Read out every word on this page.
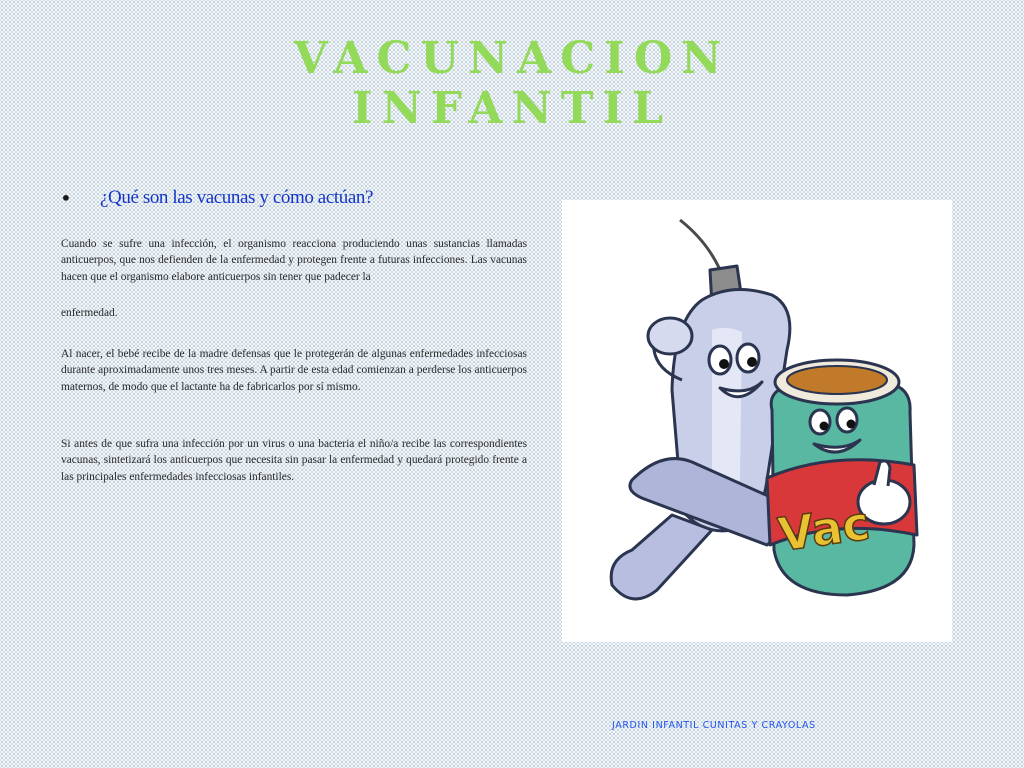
VACUNACION INFANTIL
• ¿Qué son las vacunas y cómo actúan?

Cuando se sufre una infección, el organismo reacciona produciendo unas sustancias llamadas anticuerpos, que nos defienden de la enfermedad y protegen frente a futuras infecciones. Las vacunas hacen que el organismo elabore anticuerpos sin tener que padecer la

enfermedad.

Al nacer, el bebé recibe de la madre defensas que le protegerán de algunas enfermedades infecciosas durante aproximadamente unos tres meses. A partir de esta edad comienzan a perderse los anticuerpos maternos, de modo que el lactante ha de fabricarlos por sí mismo.

Si antes de que sufra una infección por un virus o una bacteria el niño/a recibe las correspondientes vacunas, sintetizará los anticuerpos que necesita sin pasar la enfermedad y quedará protegido frente a las principales enfermedades infecciosas infantiles.

Vac
JARDIN INFANTIL CUNITAS Y CRAYOLAS
